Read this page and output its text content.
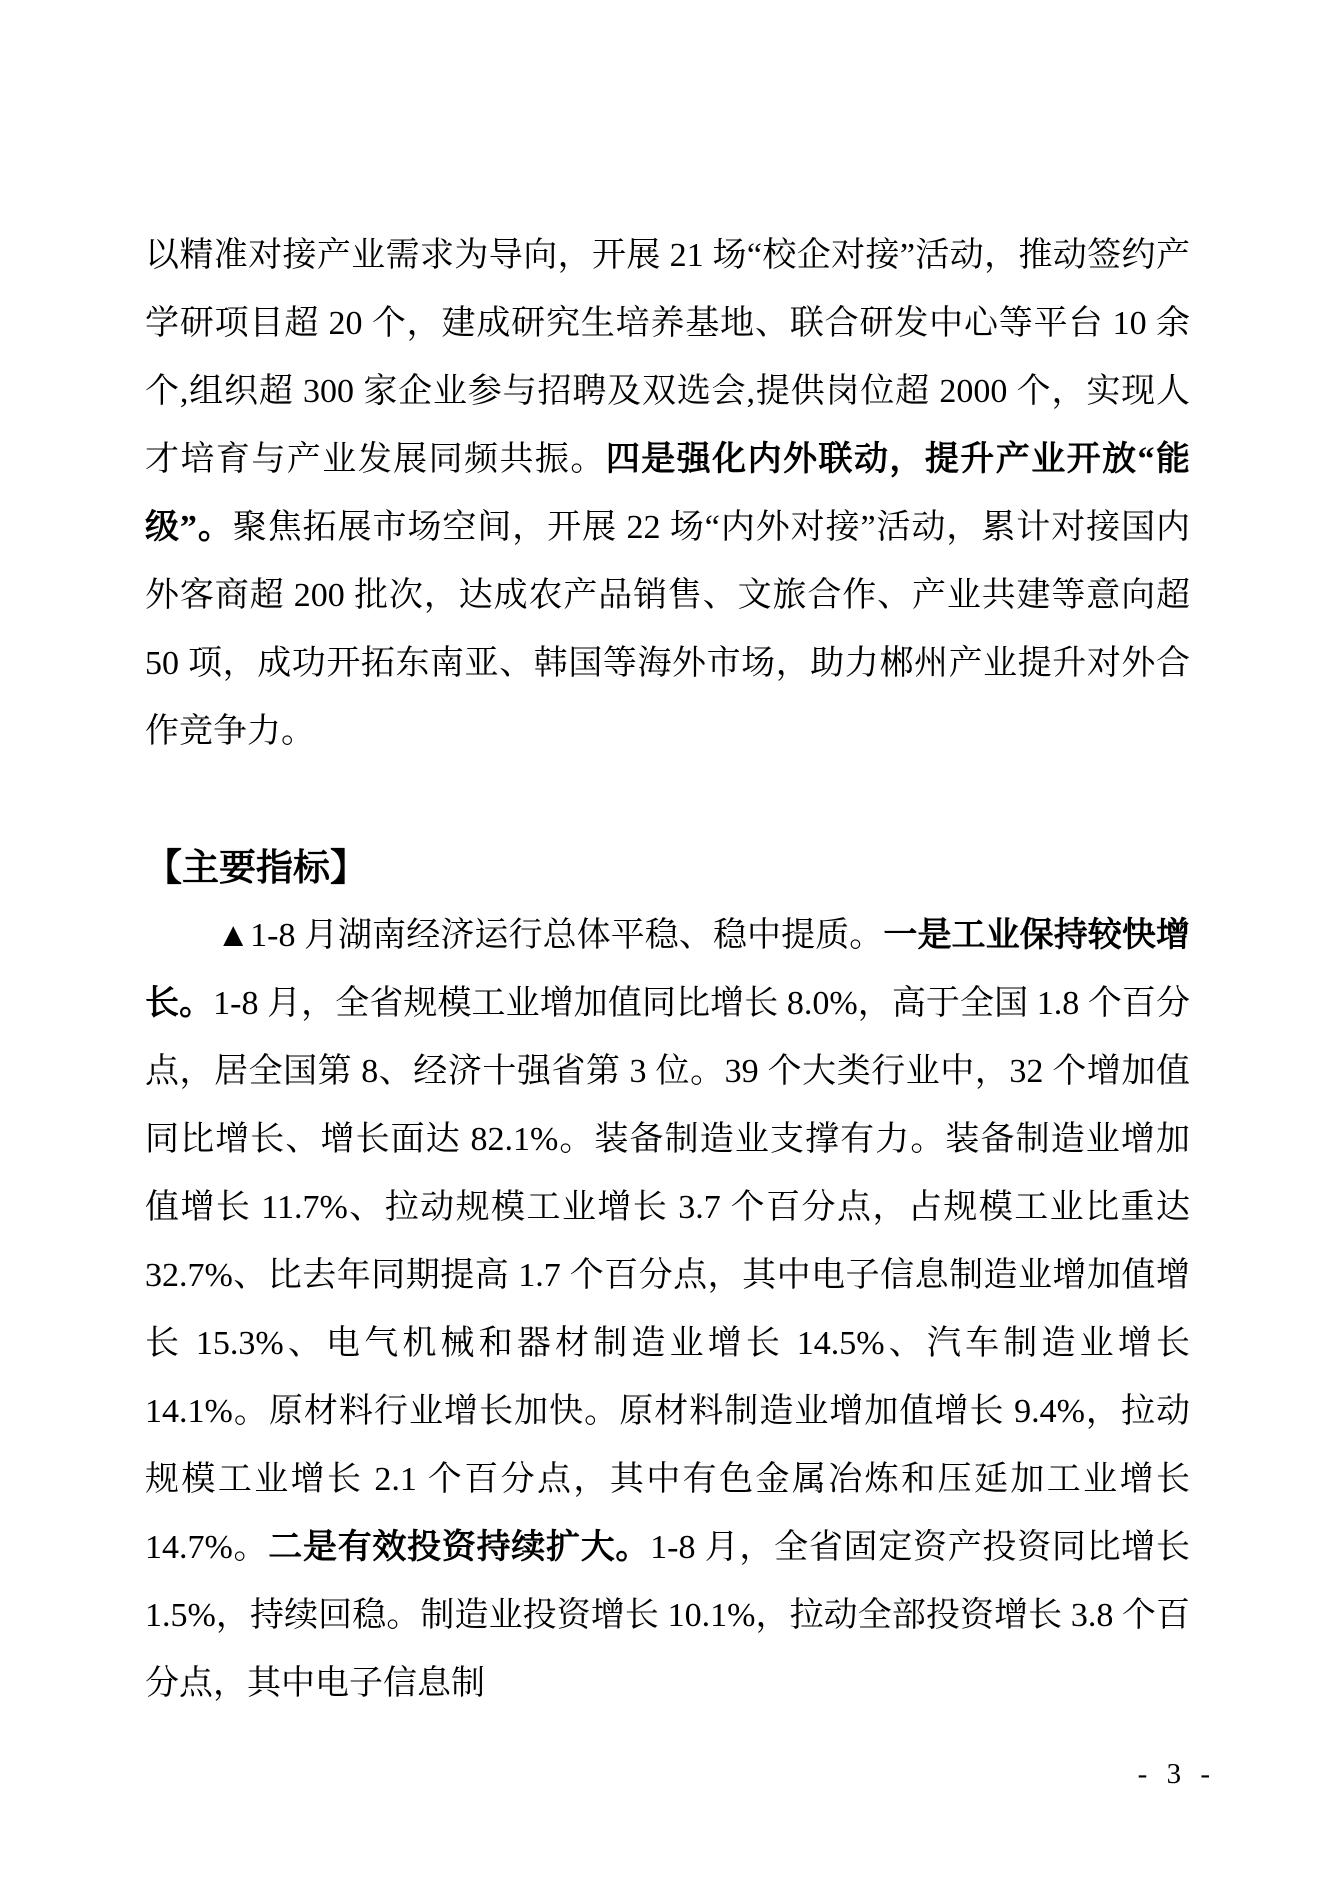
以精准对接产业需求为导向，开展 21 场“校企对接”活动，推动签约产学研项目超 20 个，建成研究生培养基地、联合研发中心等平台 10 余个,组织超 300 家企业参与招聘及双选会,提供岗位超 2000 个，实现人才培育与产业发展同频共振。四是强化内外联动，提升产业开放“能级”。聚焦拓展市场空间，开展 22 场“内外对接”活动，累计对接国内外客商超 200 批次，达成农产品销售、文旅合作、产业共建等意向超 50 项，成功开拓东南亚、韩国等海外市场，助力郴州产业提升对外合作竞争力。

【主要指标】

▲1-8 月湖南经济运行总体平稳、稳中提质。一是工业保持较快增长。1-8 月，全省规模工业增加值同比增长 8.0%，高于全国 1.8 个百分点，居全国第 8、经济十强省第 3 位。39 个大类行业中，32 个增加值同比增长、增长面达 82.1%。装备制造业支撑有力。装备制造业增加值增长 11.7%、拉动规模工业增长 3.7 个百分点，占规模工业比重达 32.7%、比去年同期提高 1.7 个百分点，其中电子信息制造业增加值增长 15.3%、电气机械和器材制造业增长 14.5%、汽车制造业增长 14.1%。原材料行业增长加快。原材料制造业增加值增长 9.4%，拉动规模工业增长 2.1 个百分点，其中有色金属冶炼和压延加工业增长 14.7%。二是有效投资持续扩大。1-8 月，全省固定资产投资同比增长 1.5%，持续回稳。制造业投资增长 10.1%，拉动全部投资增长 3.8 个百分点，其中电子信息制

- 3 -
